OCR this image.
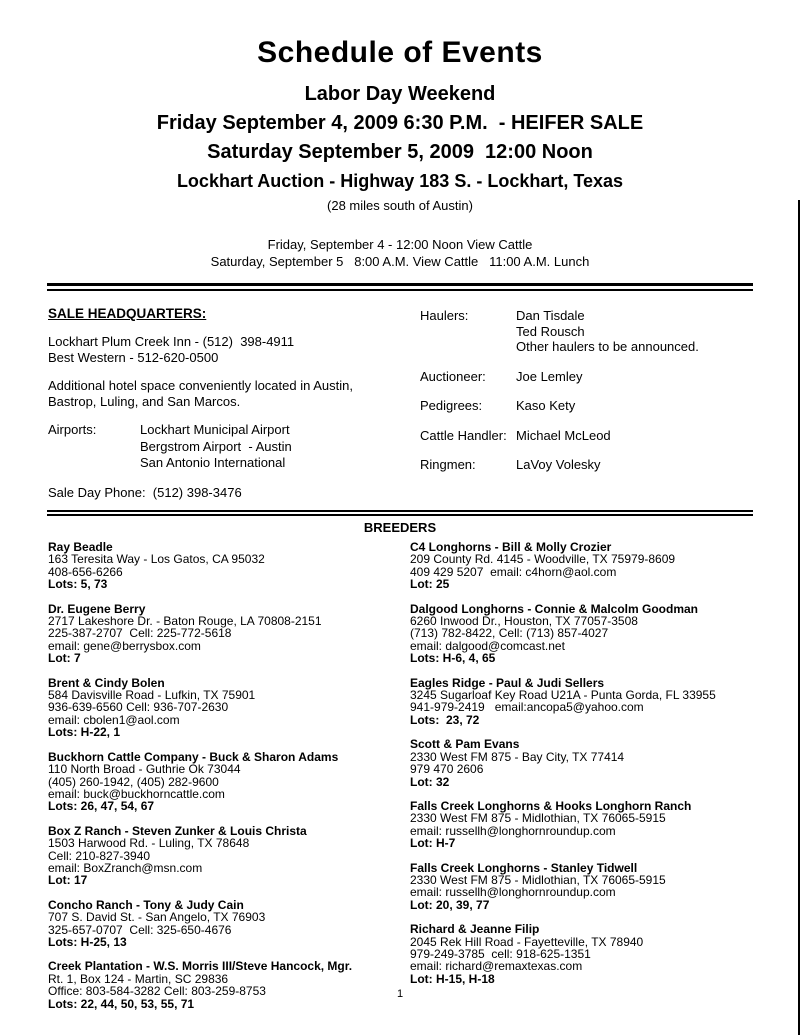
Schedule of Events
Labor Day Weekend
Friday September 4, 2009 6:30 P.M.  - HEIFER SALE
Saturday September 5, 2009  12:00 Noon
Lockhart Auction - Highway 183 S. - Lockhart, Texas
(28 miles south of Austin)
Friday, September 4 - 12:00 Noon View Cattle
Saturday, September 5   8:00 A.M. View Cattle   11:00 A.M. Lunch
SALE HEADQUARTERS:
Lockhart Plum Creek Inn - (512)  398-4911
Best Western - 512-620-0500
Additional hotel space conveniently located in Austin,
Bastrop, Luling, and San Marcos.
Airports:	Lockhart Municipal Airport
Bergstrom Airport  - Austin
San Antonio International
Sale Day Phone:  (512) 398-3476
Haulers:	Dan Tisdale
Ted Rousch
Other haulers to be announced.
Auctioneer:	Joe Lemley
Pedigrees:	Kaso Kety
Cattle Handler: Michael McLeod
Ringmen:	LaVoy Volesky
BREEDERS
Ray Beadle
163 Teresita Way - Los Gatos, CA 95032
408-656-6266
Lots: 5, 73
Dr. Eugene Berry
2717 Lakeshore Dr. - Baton Rouge, LA 70808-2151
225-387-2707  Cell: 225-772-5618
email: gene@berrysbox.com
Lot: 7
Brent & Cindy Bolen
584 Davisville Road - Lufkin, TX 75901
936-639-6560 Cell: 936-707-2630
email: cbolen1@aol.com
Lots: H-22, 1
Buckhorn Cattle Company - Buck & Sharon Adams
110 North Broad - Guthrie Ok 73044
(405) 260-1942, (405) 282-9600
email: buck@buckhorncattle.com
Lots: 26, 47, 54, 67
Box Z Ranch - Steven Zunker & Louis Christa
1503 Harwood Rd. - Luling, TX 78648
Cell: 210-827-3940
email: BoxZranch@msn.com
Lot: 17
Concho Ranch - Tony & Judy Cain
707 S. David St. - San Angelo, TX 76903
325-657-0707  Cell: 325-650-4676
Lots: H-25, 13
Creek Plantation - W.S. Morris III/Steve Hancock, Mgr.
Rt. 1, Box 124 - Martin, SC 29836
Office: 803-584-3282 Cell: 803-259-8753
Lots: 22, 44, 50, 53, 55, 71
C4 Longhorns - Bill & Molly Crozier
209 County Rd. 4145 - Woodville, TX 75979-8609
409 429 5207  email: c4horn@aol.com
Lot: 25
Dalgood Longhorns - Connie & Malcolm Goodman
6260 Inwood Dr., Houston, TX 77057-3508
(713) 782-8422, Cell: (713) 857-4027
email: dalgood@comcast.net
Lots: H-6, 4, 65
Eagles Ridge - Paul & Judi Sellers
3245 Sugarloaf Key Road U21A - Punta Gorda, FL 33955
941-979-2419   email:ancopa5@yahoo.com
Lots:  23, 72
Scott & Pam Evans
2330 West FM 875 - Bay City, TX 77414
979 470 2606
Lot: 32
Falls Creek Longhorns & Hooks Longhorn Ranch
2330 West FM 875 - Midlothian, TX 76065-5915
email: russellh@longhornroundup.com
Lot: H-7
Falls Creek Longhorns - Stanley Tidwell
2330 West FM 875 - Midlothian, TX 76065-5915
email: russellh@longhornroundup.com
Lot: 20, 39, 77
Richard & Jeanne Filip
2045 Rek Hill Road - Fayetteville, TX 78940
979-249-3785  cell: 918-625-1351
email: richard@remaxtexas.com
Lot: H-15, H-18
1
